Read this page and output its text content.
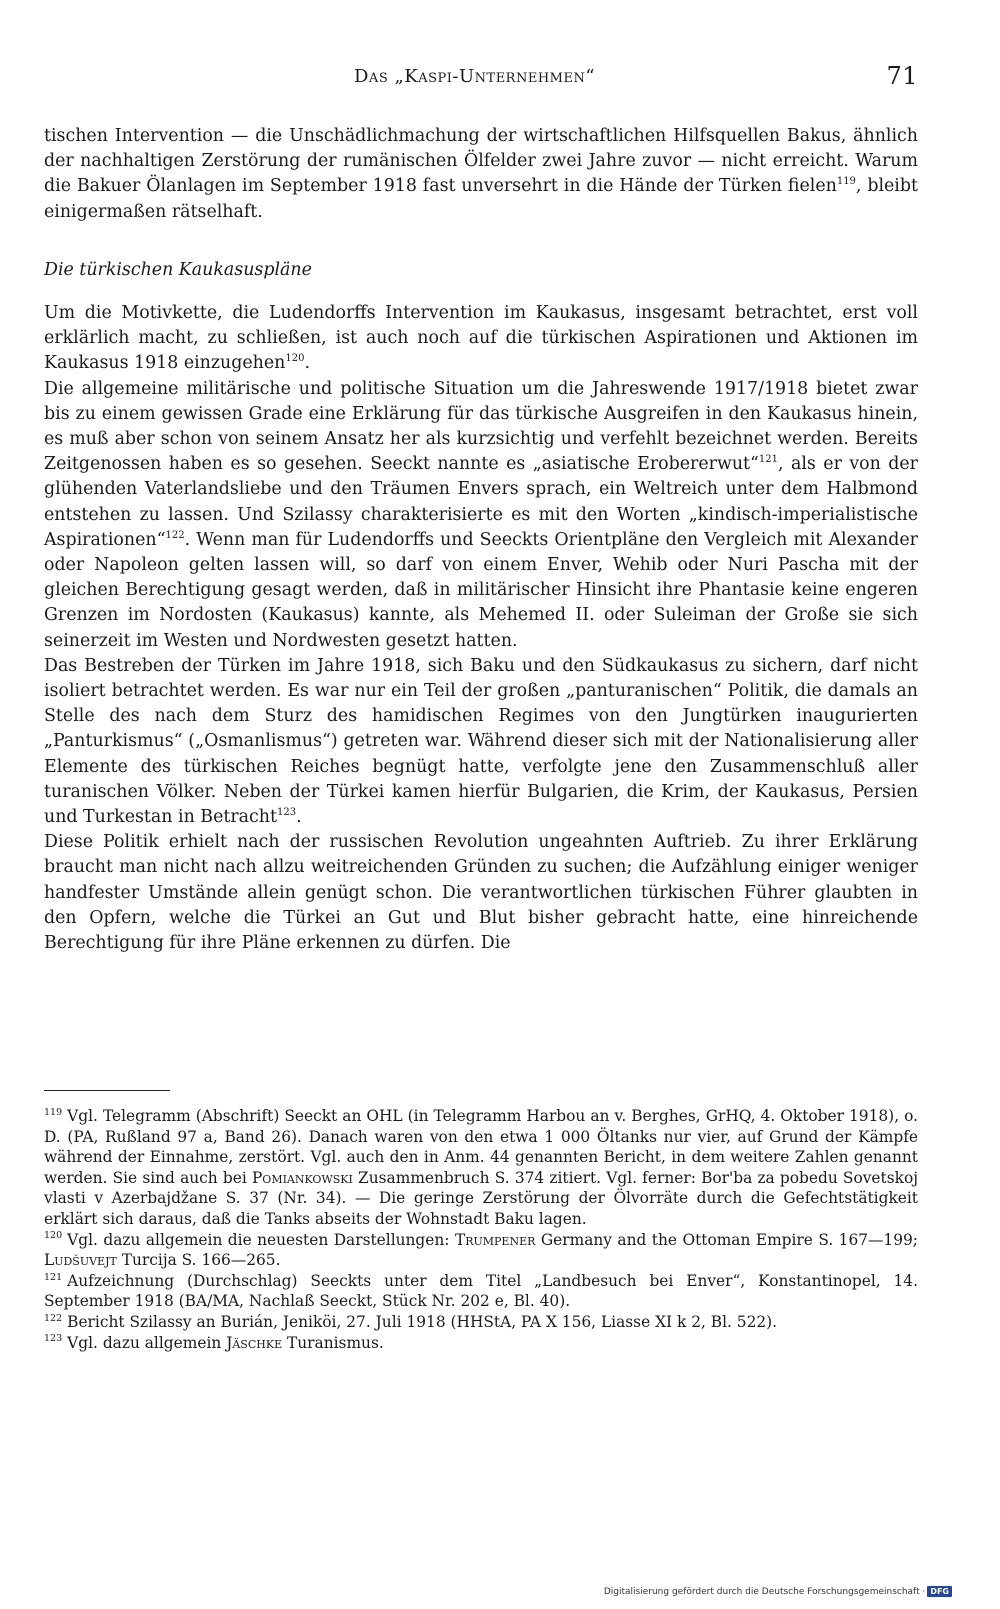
Das „Kaspi-Unternehmen“	71

tischen Intervention — die Unschädlichmachung der wirtschaftlichen Hilfsquellen Bakus, ähnlich der nachhaltigen Zerstörung der rumänischen Ölfelder zwei Jahre zuvor — nicht erreicht. Warum die Bakuer Ölanlagen im September 1918 fast unversehrt in die Hände der Türken fielen$^{119}$, bleibt einigermaßen rätselhaft.

Die türkischen Kaukasuspläne

Um die Motivkette, die Ludendorffs Intervention im Kaukasus, insgesamt betrachtet, erst voll erklärlich macht, zu schließen, ist auch noch auf die türkischen Aspirationen und Aktionen im Kaukasus 1918 einzugehen$^{120}$.

Die allgemeine militärische und politische Situation um die Jahreswende 1917/1918 bietet zwar bis zu einem gewissen Grade eine Erklärung für das türkische Ausgreifen in den Kaukasus hinein, es muß aber schon von seinem Ansatz her als kurzsichtig und verfehlt bezeichnet werden. Bereits Zeitgenossen haben es so gesehen. Seeckt nannte es „asiatische Erobererwut“$^{121}$, als er von der glühenden Vaterlandsliebe und den Träumen Envers sprach, ein Weltreich unter dem Halbmond entstehen zu lassen. Und Szilassy charakterisierte es mit den Worten „kindisch-imperialistische Aspirationen“$^{122}$. Wenn man für Ludendorffs und Seeckts Orientpläne den Vergleich mit Alexander oder Napoleon gelten lassen will, so darf von einem Enver, Wehib oder Nuri Pascha mit der gleichen Berechtigung gesagt werden, daß in militärischer Hinsicht ihre Phantasie keine engeren Grenzen im Nordosten (Kaukasus) kannte, als Mehemed II. oder Suleiman der Große sie sich seinerzeit im Westen und Nordwesten gesetzt hatten.

Das Bestreben der Türken im Jahre 1918, sich Baku und den Südkaukasus zu sichern, darf nicht isoliert betrachtet werden. Es war nur ein Teil der großen „panturanischen“ Politik, die damals an Stelle des nach dem Sturz des hamidischen Regimes von den Jungtürken inaugurierten „Panturkismus“ („Osmanlismus“) getreten war. Während dieser sich mit der Nationalisierung aller Elemente des türkischen Reiches begnügt hatte, verfolgte jene den Zusammenschluß aller turanischen Völker. Neben der Türkei kamen hierfür Bulgarien, die Krim, der Kaukasus, Persien und Turkestan in Betracht$^{123}$.

Diese Politik erhielt nach der russischen Revolution ungeahnten Auftrieb. Zu ihrer Erklärung braucht man nicht nach allzu weitreichenden Gründen zu suchen; die Aufzählung einiger weniger handfester Umstände allein genügt schon. Die verantwortlichen türkischen Führer glaubten in den Opfern, welche die Türkei an Gut und Blut bisher gebracht hatte, eine hinreichende Berechtigung für ihre Pläne erkennen zu dürfen. Die

$^{119}$ Vgl. Telegramm (Abschrift) Seeckt an OHL (in Telegramm Harbou an v. Berghes, GrHQ, 4. Oktober 1918), o. D. (PA, Rußland 97 a, Band 26). Danach waren von den etwa 1 000 Öltanks nur vier, auf Grund der Kämpfe während der Einnahme, zerstört. Vgl. auch den in Anm. 44 genannten Bericht, in dem weitere Zahlen genannt werden. Sie sind auch bei Pomiankowski Zusammenbruch S. 374 zitiert. Vgl. ferner: Bor'ba za pobedu Sovetskoj vlasti v Azerbajdžane S. 37 (Nr. 34). — Die geringe Zerstörung der Ölvorräte durch die Gefechtstätigkeit erklärt sich daraus, daß die Tanks abseits der Wohnstadt Baku lagen.

$^{120}$ Vgl. dazu allgemein die neuesten Darstellungen: Trumpener Germany and the Ottoman Empire S. 167—199; Ludšuvejt Turcija S. 166—265.

$^{121}$ Aufzeichnung (Durchschlag) Seeckts unter dem Titel „Landbesuch bei Enver“, Konstantinopel, 14. September 1918 (BA/MA, Nachlaß Seeckt, Stück Nr. 202 e, Bl. 40).

$^{122}$ Bericht Szilassy an Burián, Jeniköi, 27. Juli 1918 (HHStA, PA X 156, Liasse XI k 2, Bl. 522).

$^{123}$ Vgl. dazu allgemein Jäschke Turanismus.

Digitalisierung gefördert durch die Deutsche Forschungsgemeinschaft · DFG
